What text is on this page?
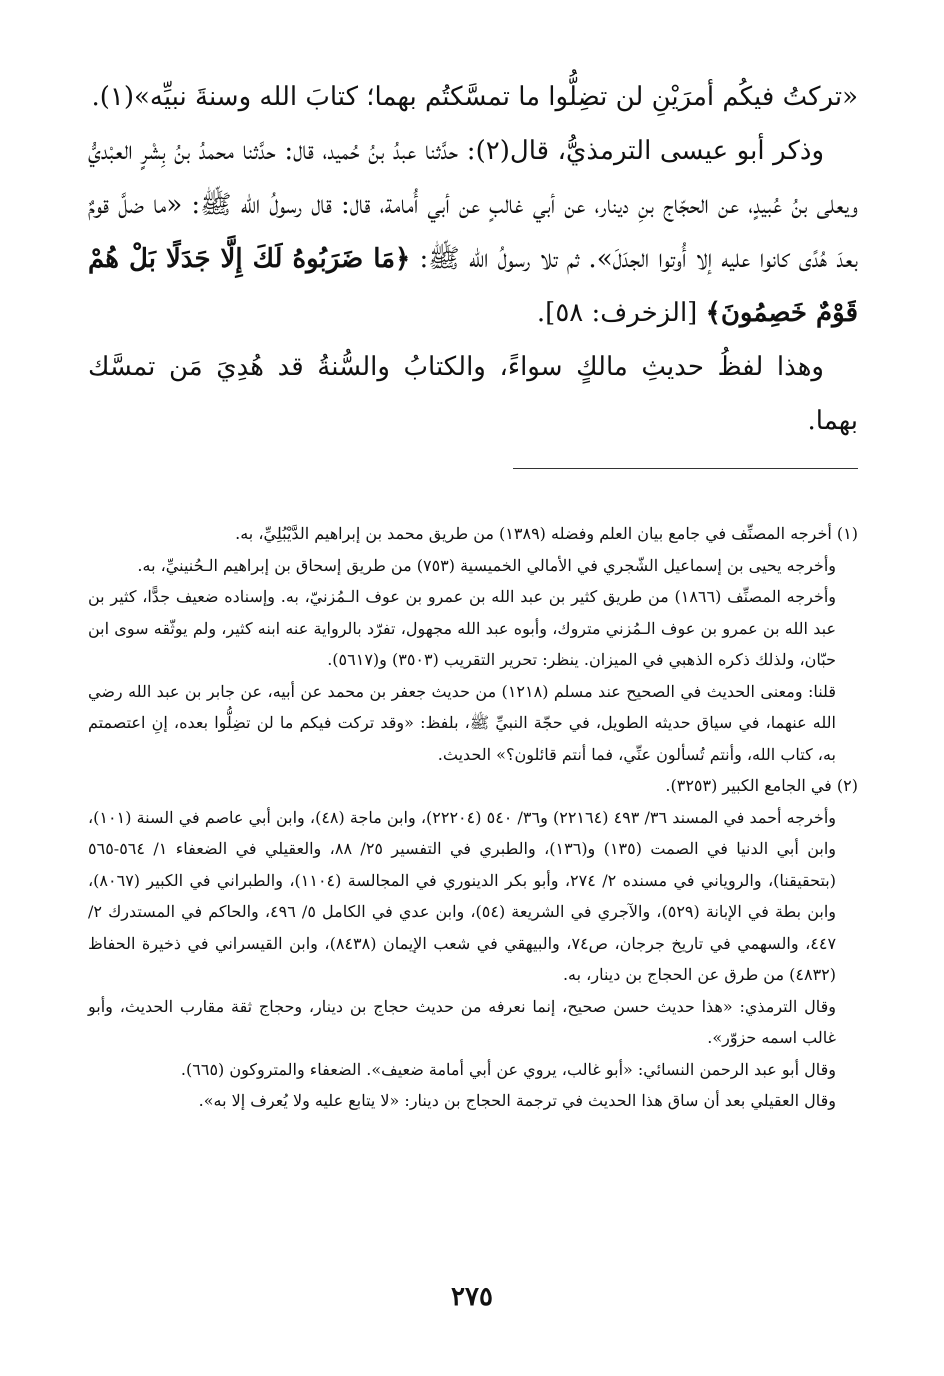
«تركتُ فيكُم أمرَيْنِ لن تضِلُّوا ما تمسَّكتُم بهما؛ كتابَ الله وسنةَ نبيِّه»(١).

وذكر أبو عيسى الترمذيُّ، قال(٢): حدَّثنا عبدُ بنُ حُميد، قال: حدَّثنا محمدُ بنُ بِشْرٍ العبْديُّ ويعلى بنُ عُبيدٍ، عن الحجّاج بنِ دينار، عن أبي غالبٍ عن أبي أُمامة، قال: قال رسولُ الله ﷺ: «ما ضلَّ قومٌ بعدَ هُدًى كانوا عليه إلا أُوتوا الجدَلَ». ثم تلا رسولُ الله ﷺ: ﴿مَا ضَرَبُوهُ لَكَ إِلَّا جَدَلًا بَلْ هُمْ قَوْمٌ خَصِمُونَ﴾ [الزخرف: ٥٨].

وهذا لفظُ حديثِ مالكٍ سواءً، والكتابُ والسُّنةُ قد هُدِيَ مَن تمسَّك بهما.

(١) أخرجه المصنِّف في جامع بيان العلم وفضله (١٣٨٩) من طريق محمد بن إبراهيم الدَّيْبُلِيِّ، به.

وأخرجه يحيى بن إسماعيل الشّجري في الأمالي الخميسية (٧٥٣) من طريق إسحاق بن إبراهيم الـحُنينيِّ، به.

وأخرجه المصنِّف (١٨٦٦) من طريق كثير بن عبد الله بن عمرو بن عوف الـمُزنيّ، به. وإسناده ضعيف جدًّا، كثير بن عبد الله بن عمرو بن عوف الـمُزني متروك، وأبوه عبد الله مجهول، تفرّد بالرواية عنه ابنه كثير، ولم يوثّقه سوى ابن حبّان، ولذلك ذكره الذهبي في الميزان. ينظر: تحرير التقريب (٣٥٠٣) و(٥٦١٧).

قلنا: ومعنى الحديث في الصحيح عند مسلم (١٢١٨) من حديث جعفر بن محمد عن أبيه، عن جابر بن عبد الله رضي الله عنهما، في سياق حديثه الطويل، في حجّة النبيِّ ﷺ، بلفظ: «وقد تركت فيكم ما لن تضِلُّوا بعده، إنِ اعتصمتم به، كتاب الله، وأنتم تُسألون عنِّي، فما أنتم قائلون؟» الحديث.

(٢) في الجامع الكبير (٣٢٥٣).

وأخرجه أحمد في المسند ٣٦/ ٤٩٣ (٢٢١٦٤) و٣٦/ ٥٤٠ (٢٢٢٠٤)، وابن ماجة (٤٨)، وابن أبي عاصم في السنة (١٠١)، وابن أبي الدنيا في الصمت (١٣٥) و(١٣٦)، والطبري في التفسير ٢٥/ ٨٨، والعقيلي في الضعفاء ١/ ٥٦٤-٥٦٥ (بتحقيقنا)، والروياني في مسنده ٢/ ٢٧٤، وأبو بكر الدينوري في المجالسة (١١٠٤)، والطبراني في الكبير (٨٠٦٧)، وابن بطة في الإبانة (٥٢٩)، والآجري في الشريعة (٥٤)، وابن عدي في الكامل ٥/ ٤٩٦، والحاكم في المستدرك ٢/ ٤٤٧، والسهمي في تاريخ جرجان، ص٧٤، والبيهقي في شعب الإيمان (٨٤٣٨)، وابن القيسراني في ذخيرة الحفاظ (٤٨٣٢) من طرق عن الحجاج بن دينار، به.

وقال الترمذي: «هذا حديث حسن صحيح، إنما نعرفه من حديث حجاج بن دينار، وحجاج ثقة مقارب الحديث، وأبو غالب اسمه حزوّر».

وقال أبو عبد الرحمن النسائي: «أبو غالب، يروي عن أبي أمامة ضعيف». الضعفاء والمتروكون (٦٦٥).

وقال العقيلي بعد أن ساق هذا الحديث في ترجمة الحجاج بن دينار: «لا يتابع عليه ولا يُعرف إلا به».

٢٧٥
